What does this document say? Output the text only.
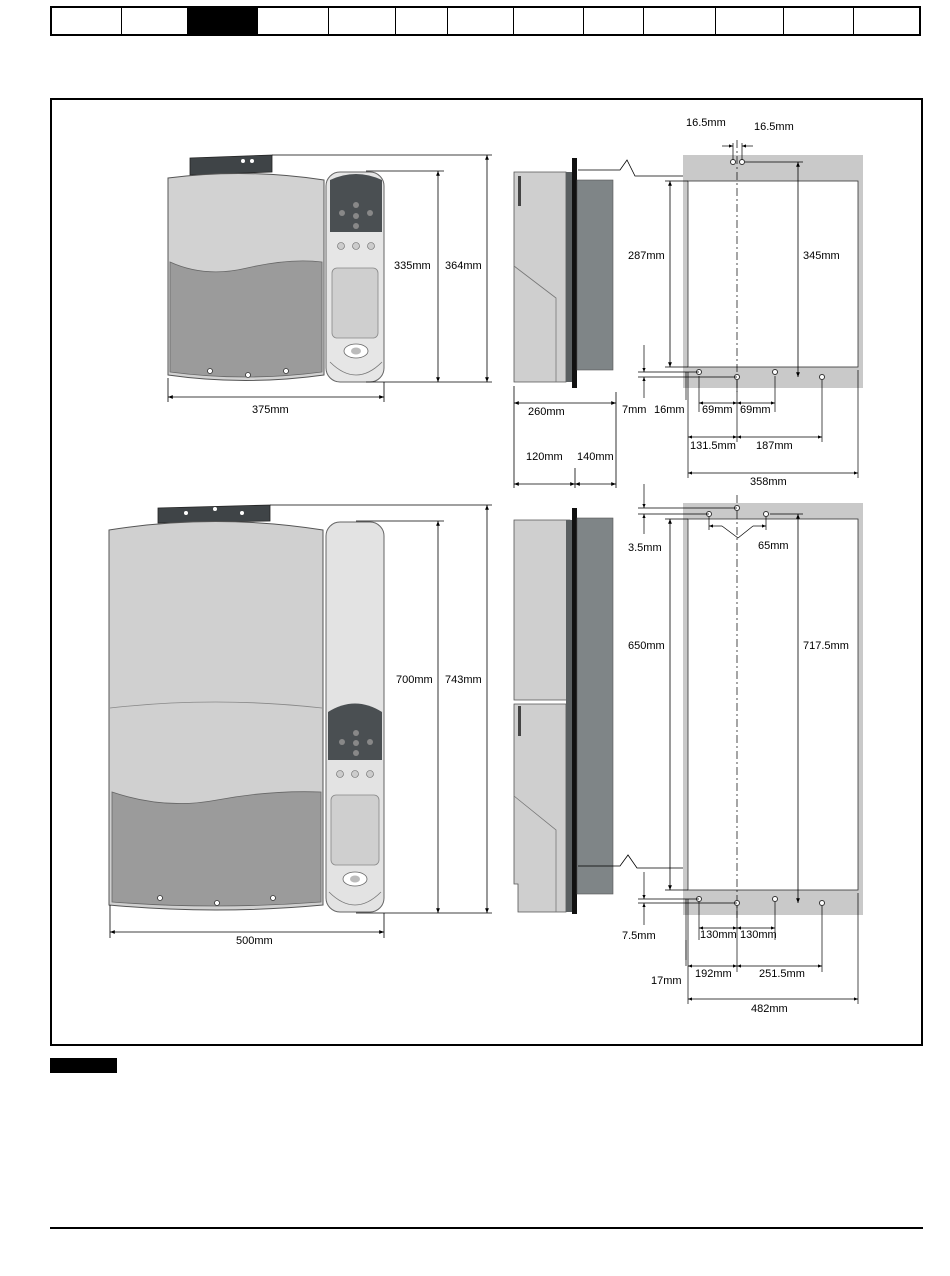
335mm 364mm
375mm	260mm
120mm 140mm
7mm
16.5mm	16.5mm
287mm	345mm
16mm 69mm 69mm
131.5mm 187mm
358mm
700mm 743mm
500mm
3.5mm	65mm
650mm	717.5mm
7.5mm
17mm
130mm 130mm
192mm 251.5mm
482mm
